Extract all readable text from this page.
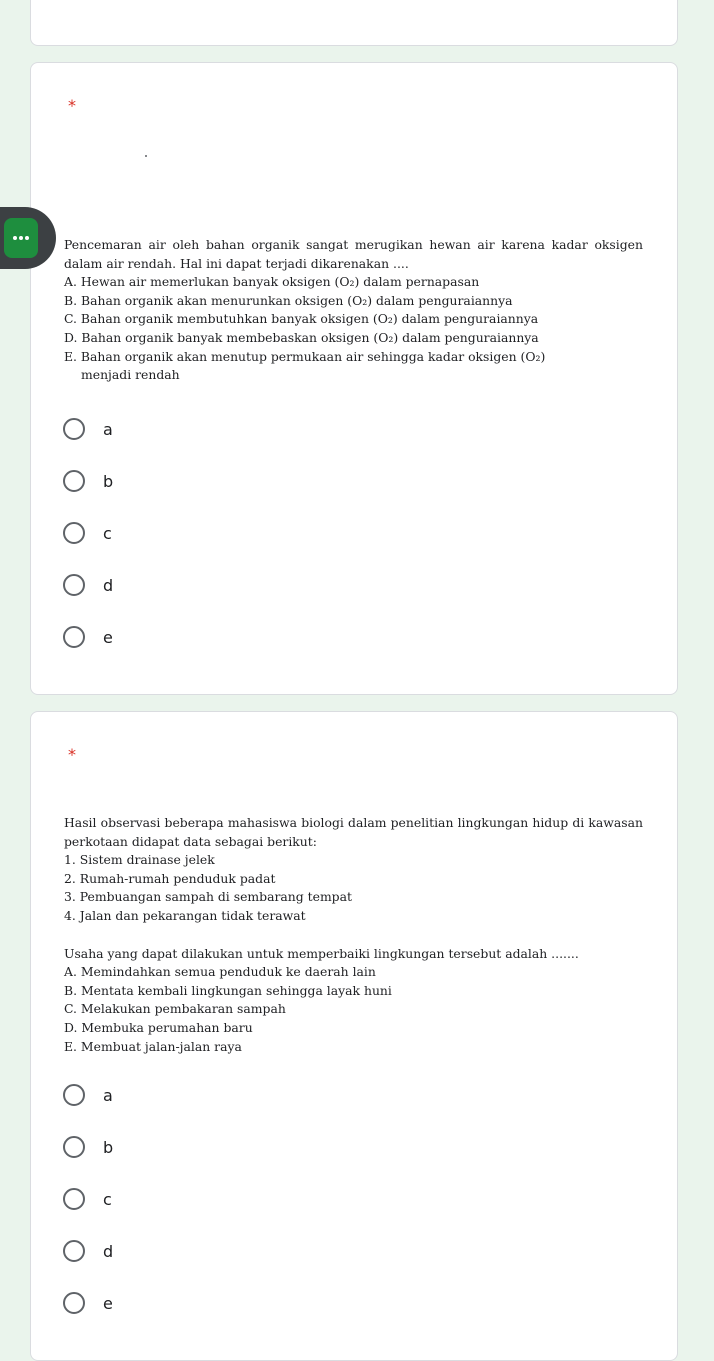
*

Pencemaran air oleh bahan organik sangat merugikan hewan air karena kadar oksigen dalam air rendah. Hal ini dapat terjadi dikarenakan ....

A. Hewan air memerlukan banyak oksigen (O₂) dalam pernapasan

B. Bahan organik akan menurunkan oksigen (O₂) dalam penguraiannya

C. Bahan organik membutuhkan banyak oksigen (O₂) dalam penguraiannya

D. Bahan organik banyak membebaskan oksigen (O₂) dalam penguraiannya

E. Bahan organik akan menutup permukaan air sehingga kadar oksigen (O₂)

menjadi rendah

a
b
c
d
e
*

Hasil observasi beberapa mahasiswa biologi dalam penelitian lingkungan hidup di kawasan perkotaan didapat data sebagai berikut:

1. Sistem drainase jelek

2. Rumah-rumah penduduk padat

3. Pembuangan sampah di sembarang tempat

4. Jalan dan pekarangan tidak terawat

Usaha yang dapat dilakukan untuk memperbaiki lingkungan tersebut adalah .......

A. Memindahkan semua penduduk ke daerah lain

B. Mentata kembali lingkungan sehingga layak huni

C. Melakukan pembakaran sampah

D. Membuka perumahan baru

E. Membuat jalan-jalan raya

a
b
c
d
e
